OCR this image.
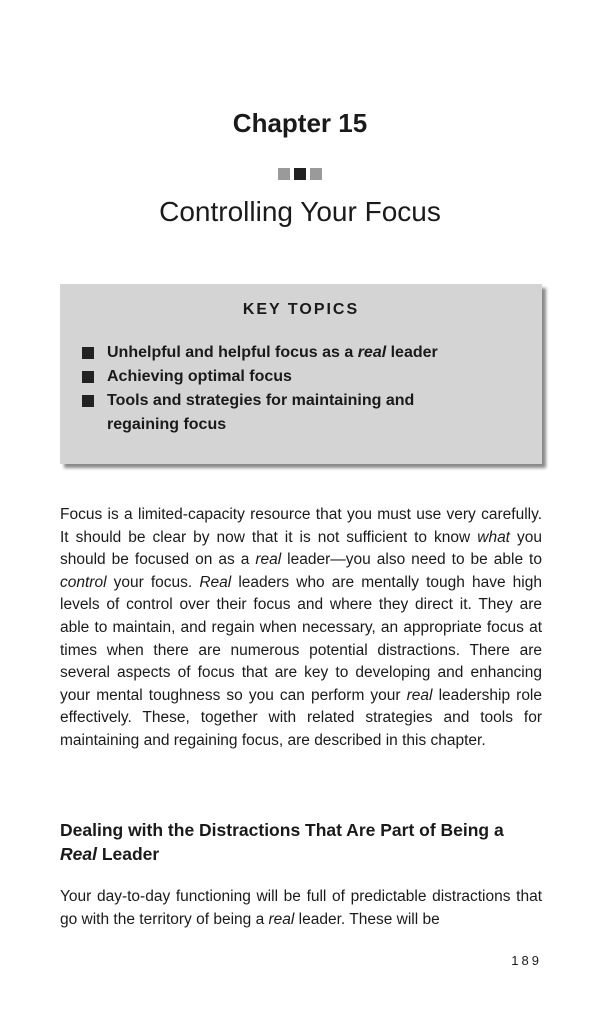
Chapter 15
Controlling Your Focus
KEY TOPICS
Unhelpful and helpful focus as a real leader
Achieving optimal focus
Tools and strategies for maintaining and regaining focus

Focus is a limited-capacity resource that you must use very carefully. It should be clear by now that it is not sufficient to know what you should be focused on as a real leader—you also need to be able to control your focus. Real leaders who are mentally tough have high levels of control over their focus and where they direct it. They are able to maintain, and regain when necessary, an appropriate focus at times when there are numerous potential distractions. There are several aspects of focus that are key to developing and enhancing your mental toughness so you can perform your real leadership role effectively. These, together with related strategies and tools for maintaining and regaining focus, are described in this chapter.

Dealing with the Distractions That Are Part of Being a Real Leader

Your day-to-day functioning will be full of predictable distractions that go with the territory of being a real leader. These will be

189
